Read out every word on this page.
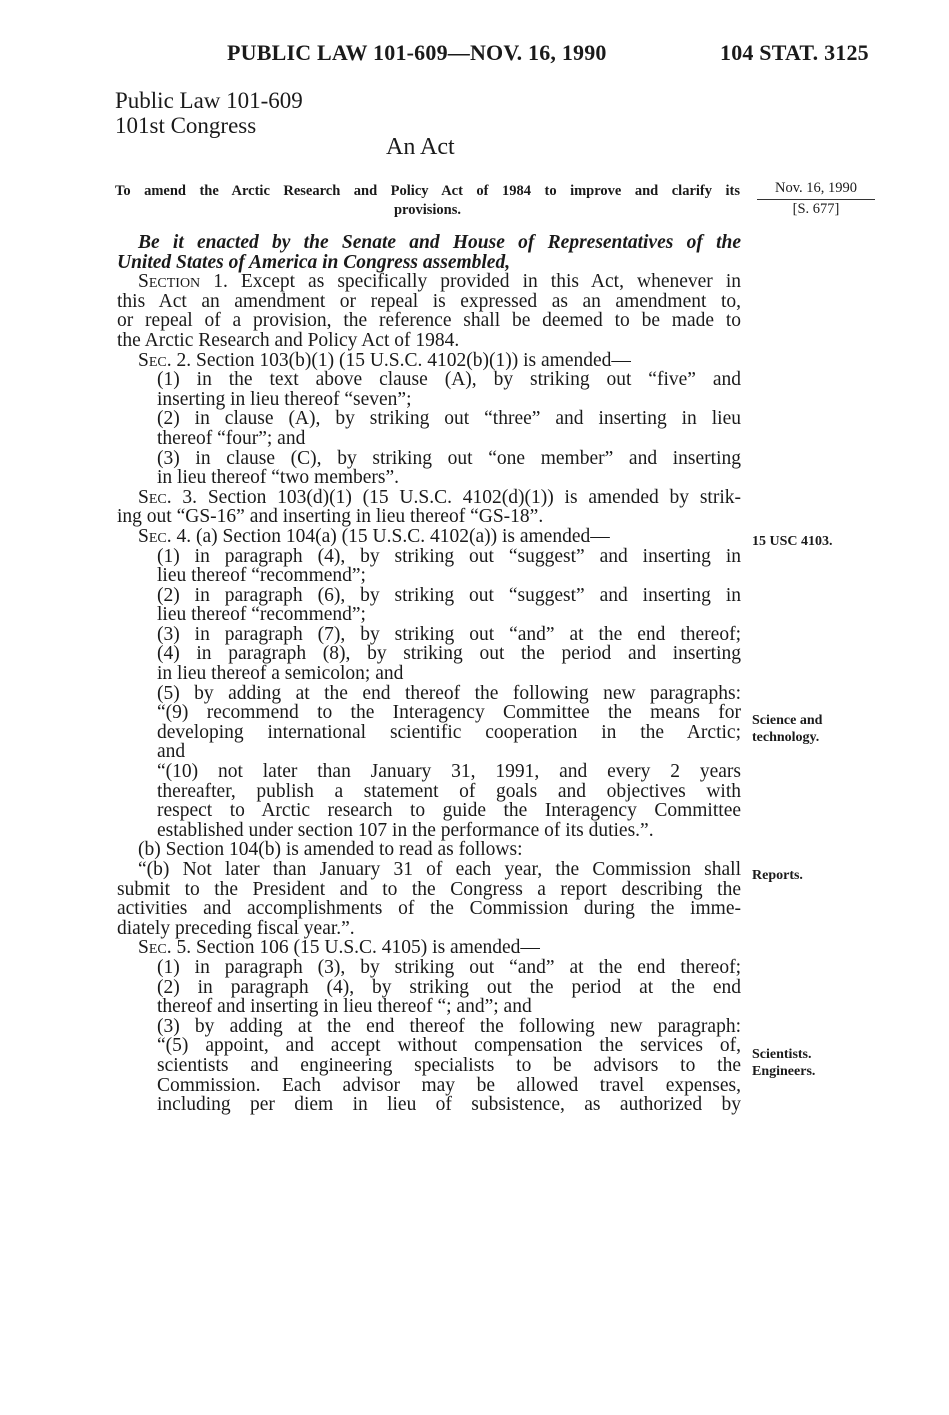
PUBLIC LAW 101-609—NOV. 16, 1990	104 STAT. 3125
Public Law 101-609
101st Congress
An Act
To amend the Arctic Research and Policy Act of 1984 to improve and clarify its
provisions.
Nov. 16, 1990
[S. 677]
15 USC 4103.
Science and
technology.
Reports.
Scientists.
Engineers.
Be it enacted by the Senate and House of Representatives of the
United States of America in Congress assembled,
Section 1. Except as specifically provided in this Act, whenever in
this Act an amendment or repeal is expressed as an amendment to,
or repeal of a provision, the reference shall be deemed to be made to
the Arctic Research and Policy Act of 1984.
Sec. 2. Section 103(b)(1) (15 U.S.C. 4102(b)(1)) is amended—
(1) in the text above clause (A), by striking out “five” and
inserting in lieu thereof “seven”;
(2) in clause (A), by striking out “three” and inserting in lieu
thereof “four”; and
(3) in clause (C), by striking out “one member” and inserting
in lieu thereof “two members”.
Sec. 3. Section 103(d)(1) (15 U.S.C. 4102(d)(1)) is amended by strik-
ing out “GS-16” and inserting in lieu thereof “GS-18”.
Sec. 4. (a) Section 104(a) (15 U.S.C. 4102(a)) is amended—
(1) in paragraph (4), by striking out “suggest” and inserting in
lieu thereof “recommend”;
(2) in paragraph (6), by striking out “suggest” and inserting in
lieu thereof “recommend”;
(3) in paragraph (7), by striking out “and” at the end thereof;
(4) in paragraph (8), by striking out the period and inserting
in lieu thereof a semicolon; and
(5) by adding at the end thereof the following new paragraphs:
“(9) recommend to the Interagency Committee the means for
developing international scientific cooperation in the Arctic;
and
“(10) not later than January 31, 1991, and every 2 years
thereafter, publish a statement of goals and objectives with
respect to Arctic research to guide the Interagency Committee
established under section 107 in the performance of its duties.”.
(b) Section 104(b) is amended to read as follows:
“(b) Not later than January 31 of each year, the Commission shall
submit to the President and to the Congress a report describing the
activities and accomplishments of the Commission during the imme-
diately preceding fiscal year.”.
Sec. 5. Section 106 (15 U.S.C. 4105) is amended—
(1) in paragraph (3), by striking out “and” at the end thereof;
(2) in paragraph (4), by striking out the period at the end
thereof and inserting in lieu thereof “; and”; and
(3) by adding at the end thereof the following new paragraph:
“(5) appoint, and accept without compensation the services of,
scientists and engineering specialists to be advisors to the
Commission. Each advisor may be allowed travel expenses,
including per diem in lieu of subsistence, as authorized by
